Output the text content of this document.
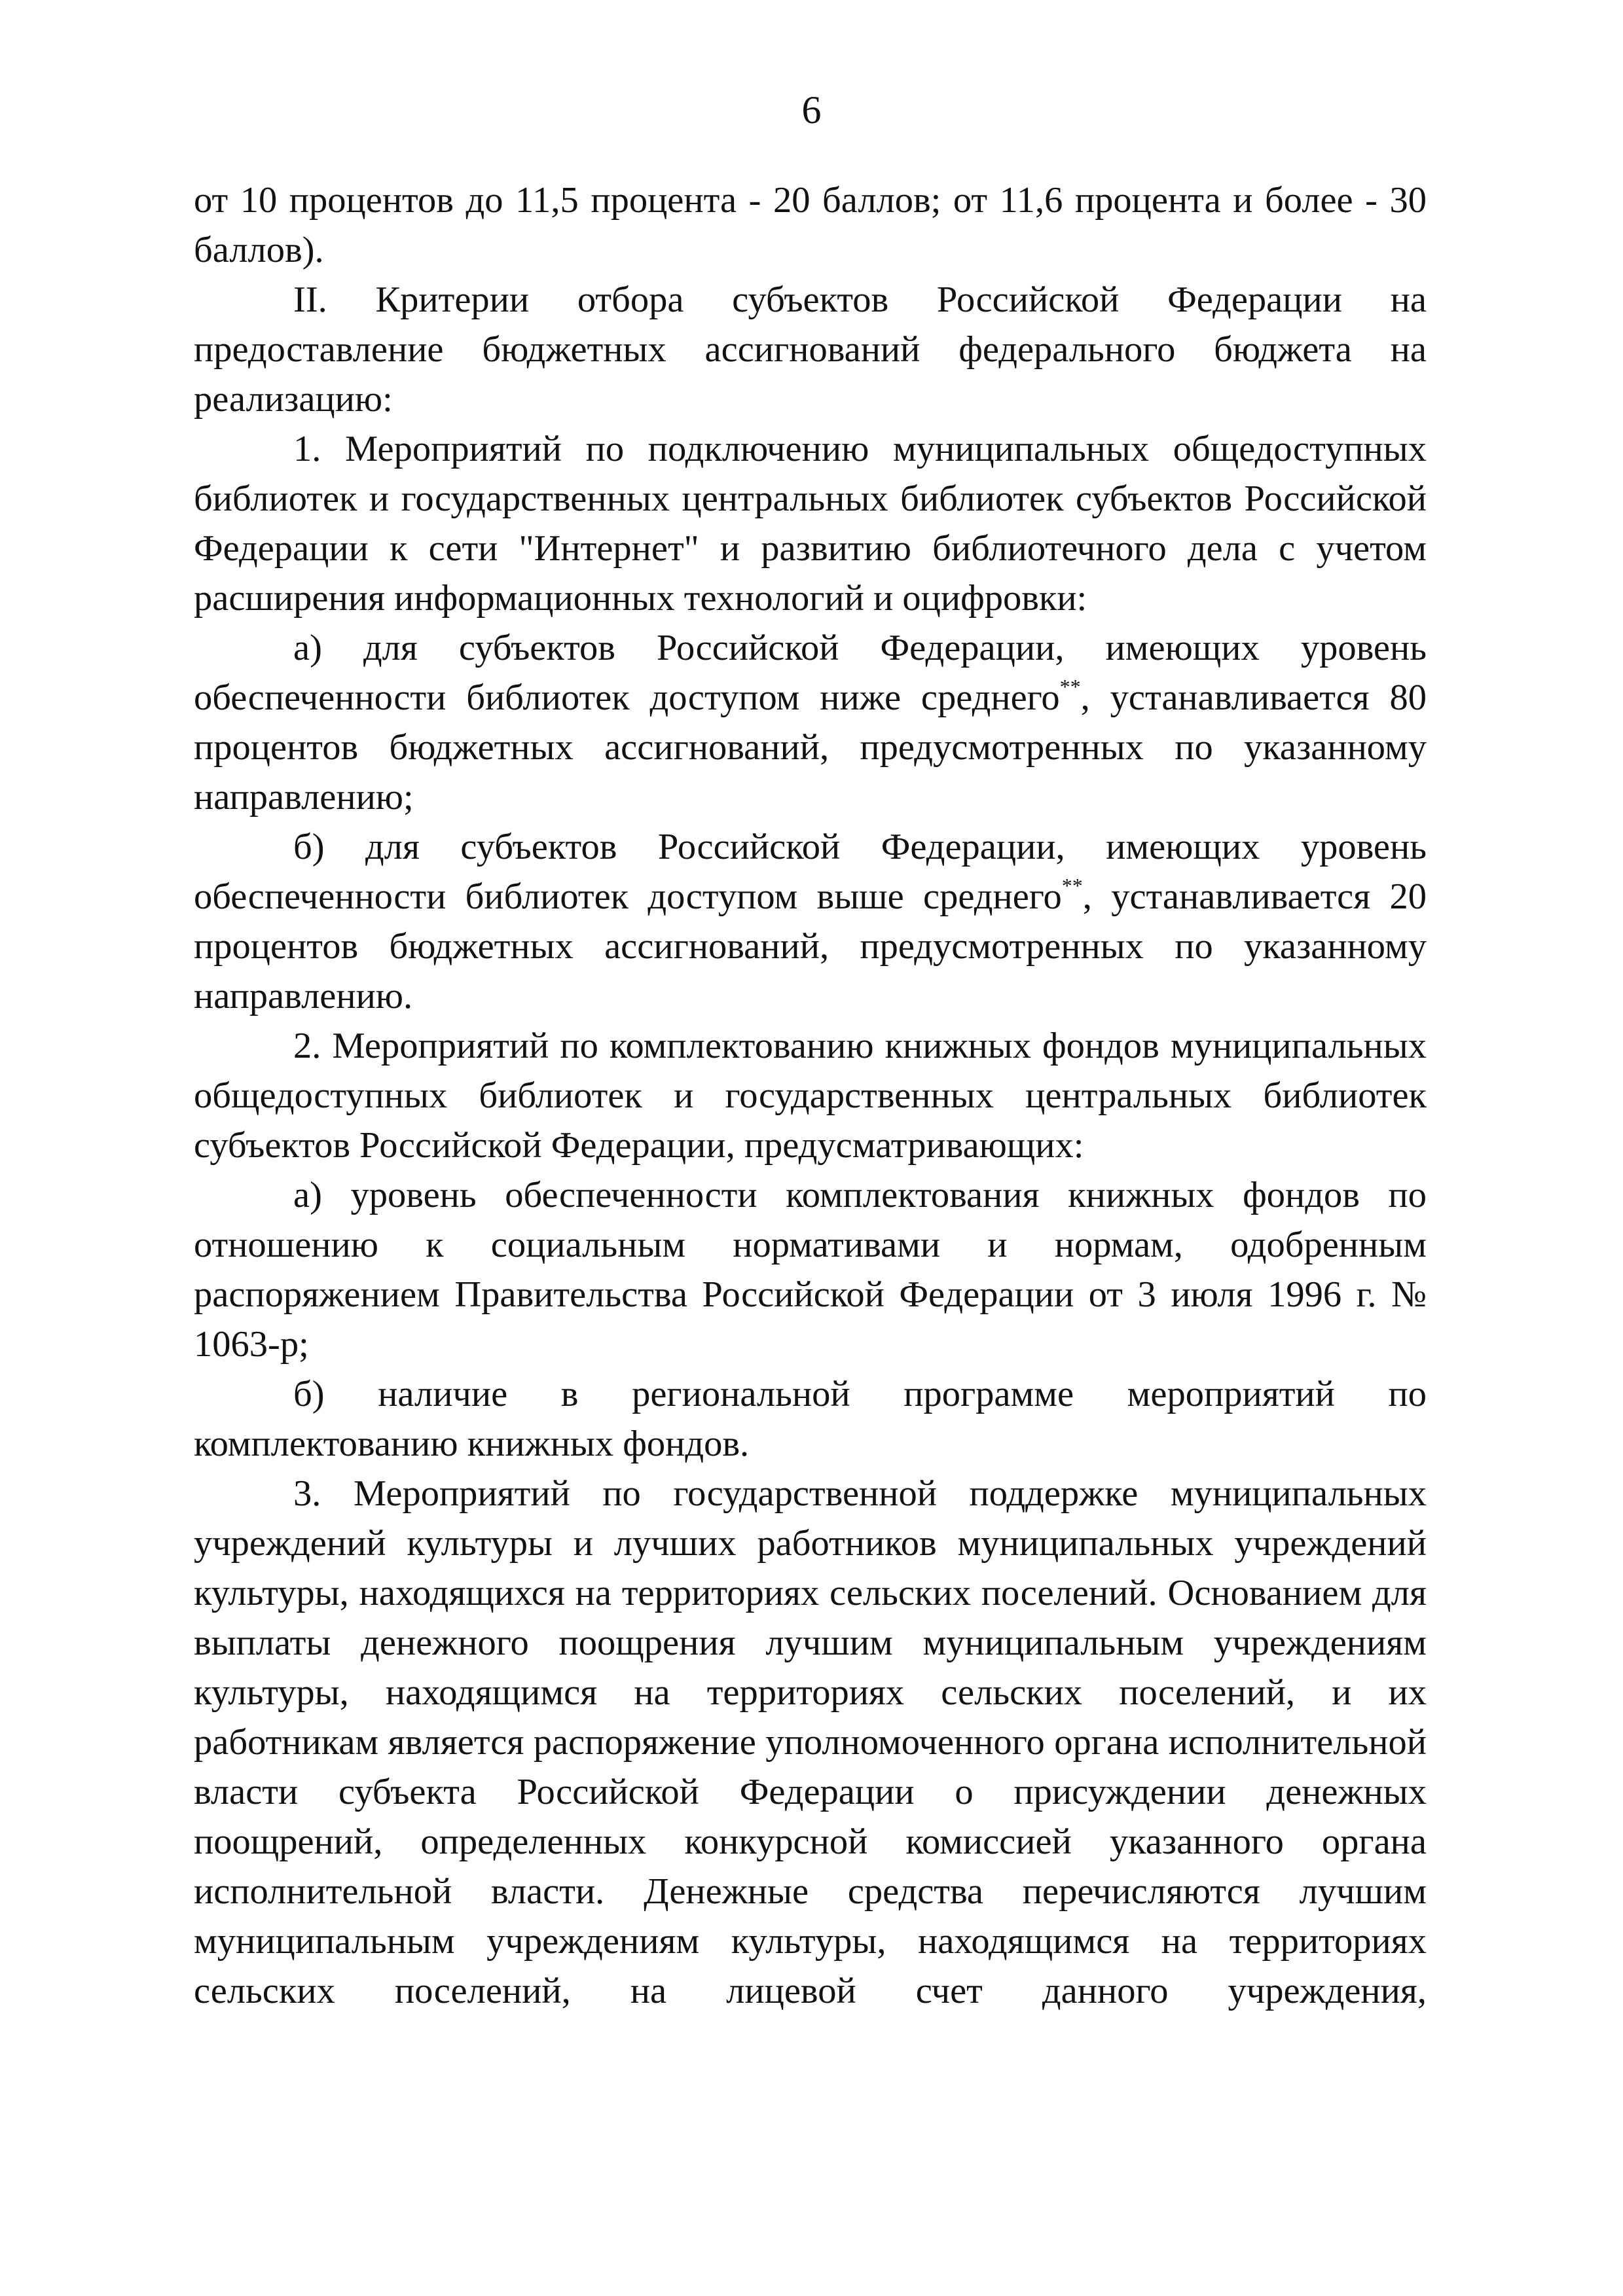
6

от 10 процентов до 11,5 процента - 20 баллов; от 11,6 процента и более - 30 баллов).

II. Критерии отбора субъектов Российской Федерации на предоставление бюджетных ассигнований федерального бюджета на реализацию:

1. Мероприятий по подключению муниципальных общедоступных библиотек и государственных центральных библиотек субъектов Российской Федерации к сети "Интернет" и развитию библиотечного дела с учетом расширения информационных технологий и оцифровки:

а) для субъектов Российской Федерации, имеющих уровень обеспеченности библиотек доступом ниже среднего**, устанавливается 80 процентов бюджетных ассигнований, предусмотренных по указанному направлению;

б) для субъектов Российской Федерации, имеющих уровень обеспеченности библиотек доступом выше среднего**, устанавливается 20 процентов бюджетных ассигнований, предусмотренных по указанному направлению.

2. Мероприятий по комплектованию книжных фондов муниципальных общедоступных библиотек и государственных центральных библиотек субъектов Российской Федерации, предусматривающих:

а) уровень обеспеченности комплектования книжных фондов по отношению к социальным нормативами и нормам, одобренным распоряжением Правительства Российской Федерации от 3 июля 1996 г. № 1063-р;

б) наличие в региональной программе мероприятий по комплектованию книжных фондов.

3. Мероприятий по государственной поддержке муниципальных учреждений культуры и лучших работников муниципальных учреждений культуры, находящихся на территориях сельских поселений. Основанием для выплаты денежного поощрения лучшим муниципальным учреждениям культуры, находящимся на территориях сельских поселений, и их работникам является распоряжение уполномоченного органа исполнительной власти субъекта Российской Федерации о присуждении денежных поощрений, определенных конкурсной комиссией указанного органа исполнительной власти. Денежные средства перечисляются лучшим муниципальным учреждениям культуры, находящимся на территориях сельских поселений, на лицевой счет данного учреждения,
